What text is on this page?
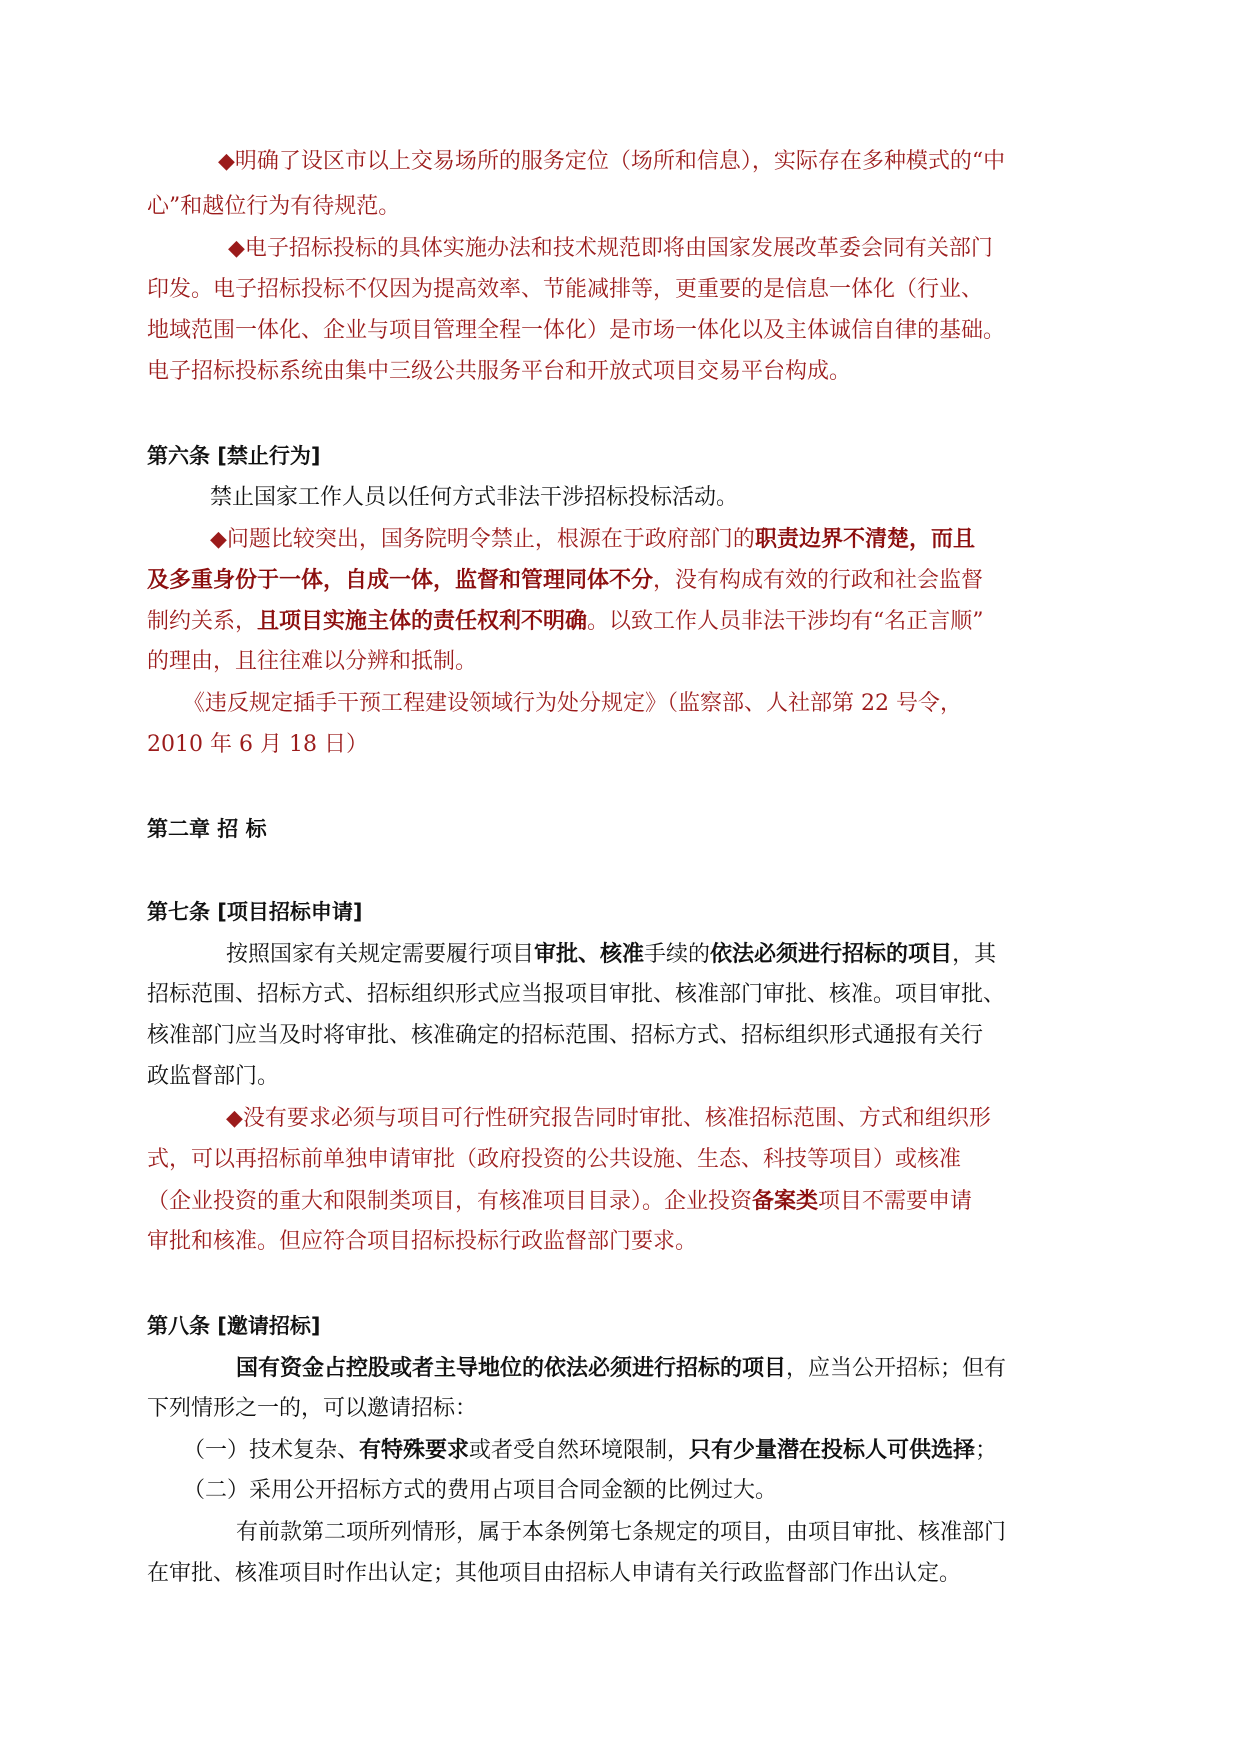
◆明确了设区市以上交易场所的服务定位（场所和信息），实际存在多种模式的“中
心”和越位行为有待规范。
◆电子招标投标的具体实施办法和技术规范即将由国家发展改革委会同有关部门
印发。电子招标投标不仅因为提高效率、节能减排等，更重要的是信息一体化（行业、
地域范围一体化、企业与项目管理全程一体化）是市场一体化以及主体诚信自律的基础。
电子招标投标系统由集中三级公共服务平台和开放式项目交易平台构成。
第六条 [禁止行为]
禁止国家工作人员以任何方式非法干涉招标投标活动。
◆问题比较突出，国务院明令禁止，根源在于政府部门的职责边界不清楚，而且
及多重身份于一体，自成一体，监督和管理同体不分，没有构成有效的行政和社会监督
制约关系，且项目实施主体的责任权利不明确。以致工作人员非法干涉均有“名正言顺”
的理由，且往往难以分辨和抵制。
《违反规定插手干预工程建设领域行为处分规定》（监察部、人社部第 22 号令，
2010 年 6 月 18 日）
第二章 招 标
第七条 [项目招标申请]
按照国家有关规定需要履行项目审批、核准手续的依法必须进行招标的项目，其
招标范围、招标方式、招标组织形式应当报项目审批、核准部门审批、核准。项目审批、
核准部门应当及时将审批、核准确定的招标范围、招标方式、招标组织形式通报有关行
政监督部门。
◆没有要求必须与项目可行性研究报告同时审批、核准招标范围、方式和组织形
式，可以再招标前单独申请审批（政府投资的公共设施、生态、科技等项目）或核准
（企业投资的重大和限制类项目，有核准项目目录）。企业投资备案类项目不需要申请
审批和核准。但应符合项目招标投标行政监督部门要求。
第八条 [邀请招标]
国有资金占控股或者主导地位的依法必须进行招标的项目，应当公开招标；但有
下列情形之一的，可以邀请招标：
（一）技术复杂、有特殊要求或者受自然环境限制，只有少量潜在投标人可供选择；
（二）采用公开招标方式的费用占项目合同金额的比例过大。
有前款第二项所列情形，属于本条例第七条规定的项目，由项目审批、核准部门
在审批、核准项目时作出认定；其他项目由招标人申请有关行政监督部门作出认定。
